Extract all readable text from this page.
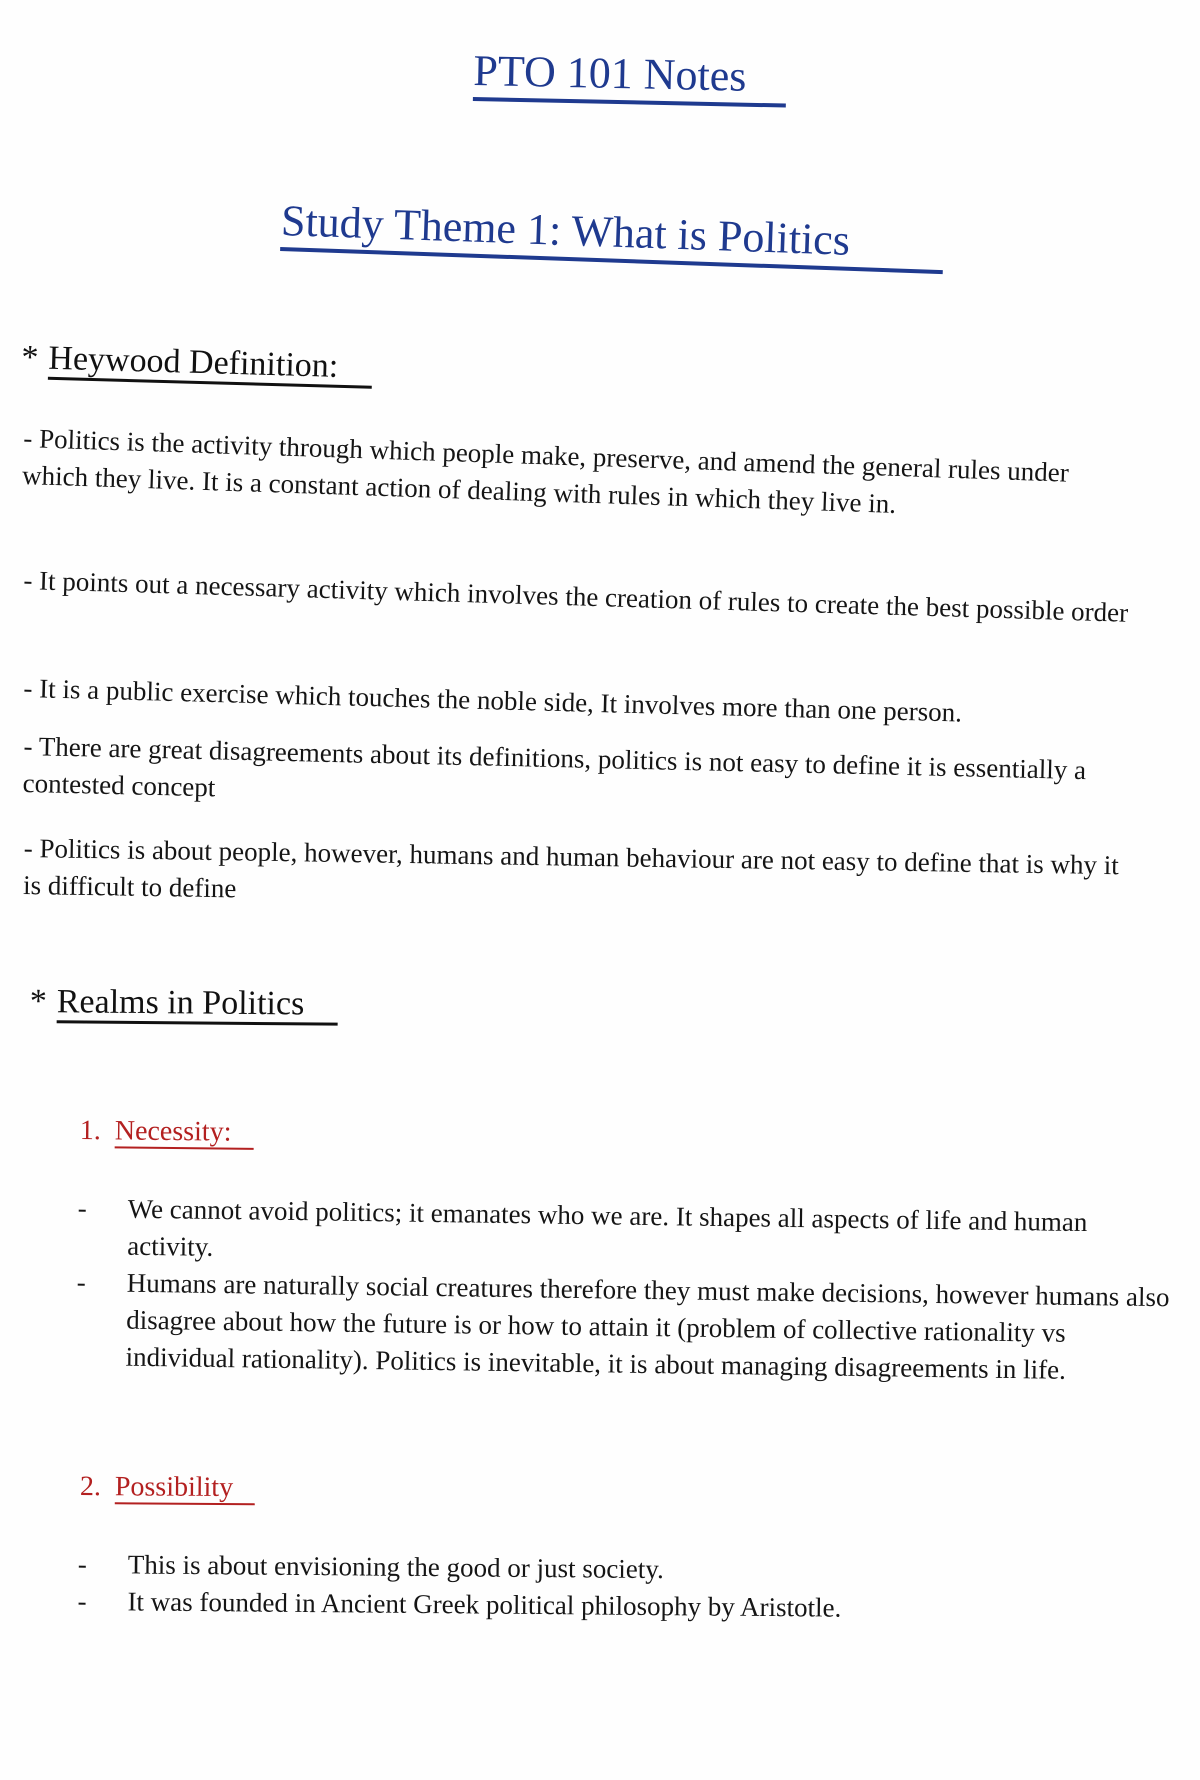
PTO 101 Notes
Study Theme 1: What is Politics
* Heywood Definition:
- Politics is the activity through which people make, preserve, and amend the general rules under which they live. It is a constant action of dealing with rules in which they live in.
- It points out a necessary activity which involves the creation of rules to create the best possible order
- It is a public exercise which touches the noble side, It involves more than one person.
- There are great disagreements about its definitions, politics is not easy to define it is essentially a contested concept
- Politics is about people, however, humans and human behaviour are not easy to define that is why it is difficult to define
* Realms in Politics
1. Necessity:
- We cannot avoid politics; it emanates who we are. It shapes all aspects of life and human activity.
- Humans are naturally social creatures therefore they must make decisions, however humans also disagree about how the future is or how to attain it (problem of collective rationality vs individual rationality). Politics is inevitable, it is about managing disagreements in life.
2. Possibility
- This is about envisioning the good or just society.
- It was founded in Ancient Greek political philosophy by Aristotle.
